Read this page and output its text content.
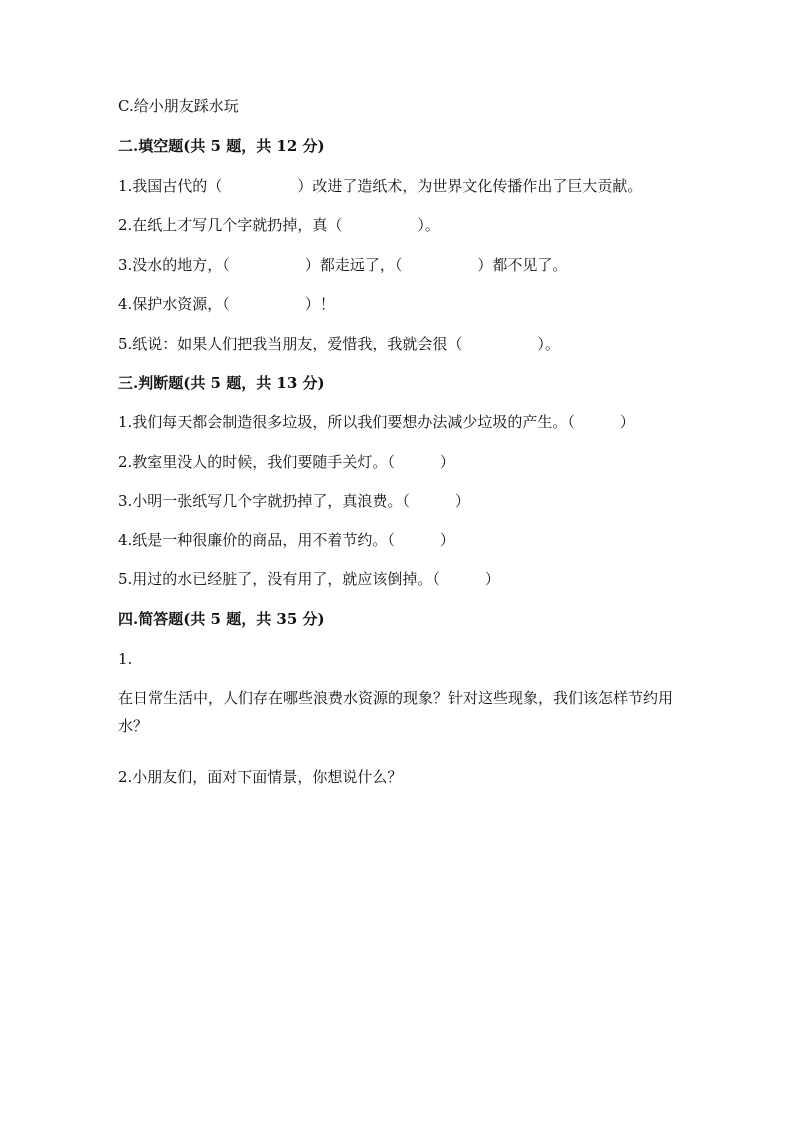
C.给小朋友踩水玩
二.填空题(共 5 题，共 12 分)
1.我国古代的（　　　　　）改进了造纸术，为世界文化传播作出了巨大贡献。
2.在纸上才写几个字就扔掉，真（　　　　　）。
3.没水的地方，（　　　　　）都走远了，（　　　　　）都不见了。
4.保护水资源，（　　　　　）！
5.纸说：如果人们把我当朋友，爱惜我，我就会很（　　　　　）。
三.判断题(共 5 题，共 13 分)
1.我们每天都会制造很多垃圾，所以我们要想办法减少垃圾的产生。（　　　）
2.教室里没人的时候，我们要随手关灯。（　　　）
3.小明一张纸写几个字就扔掉了，真浪费。（　　　）
4.纸是一种很廉价的商品，用不着节约。（　　　）
5.用过的水已经脏了，没有用了，就应该倒掉。（　　　）
四.简答题(共 5 题，共 35 分)
1.
在日常生活中，人们存在哪些浪费水资源的现象？针对这些现象，我们该怎样节约用水？
2.小朋友们，面对下面情景，你想说什么？
